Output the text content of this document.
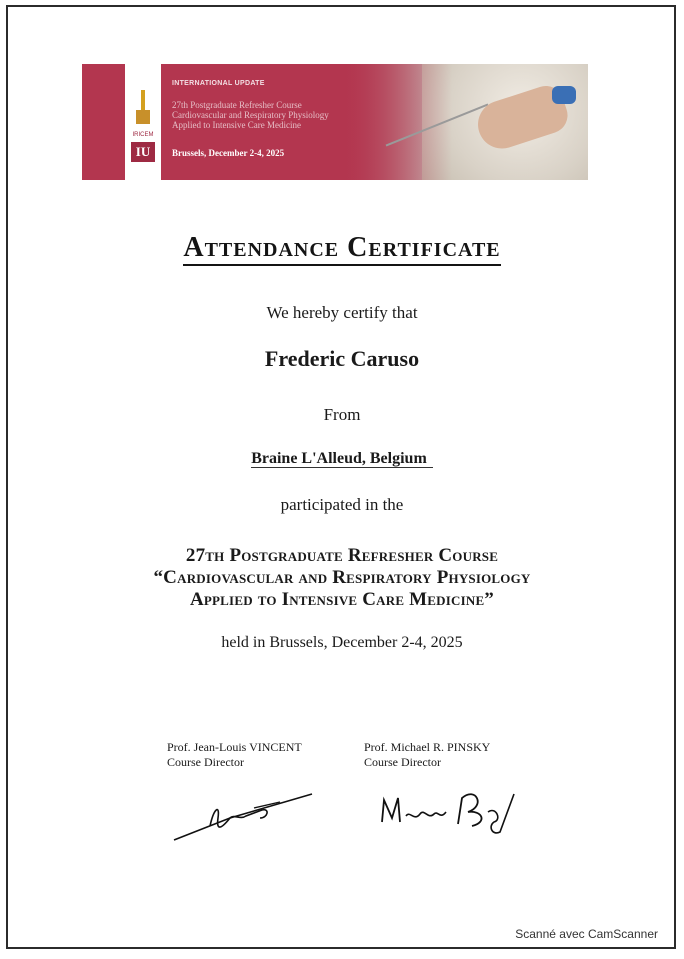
IRICEM
IU
INTERNATIONAL UPDATE
27th Postgraduate Refresher Course Cardiovascular and Respiratory Physiology Applied to Intensive Care Medicine
Brussels, December 2-4, 2025
Attendance Certificate
We hereby certify that
Frederic Caruso
From
Braine L'Alleud, Belgium
participated in the
27th Postgraduate Refresher Course
“Cardiovascular and Respiratory Physiology
Applied to Intensive Care Medicine”
held in Brussels, December 2-4, 2025
Prof. Jean-Louis VINCENT
Course Director
Prof. Michael R. PINSKY
Course Director
Scanné avec CamScanner
